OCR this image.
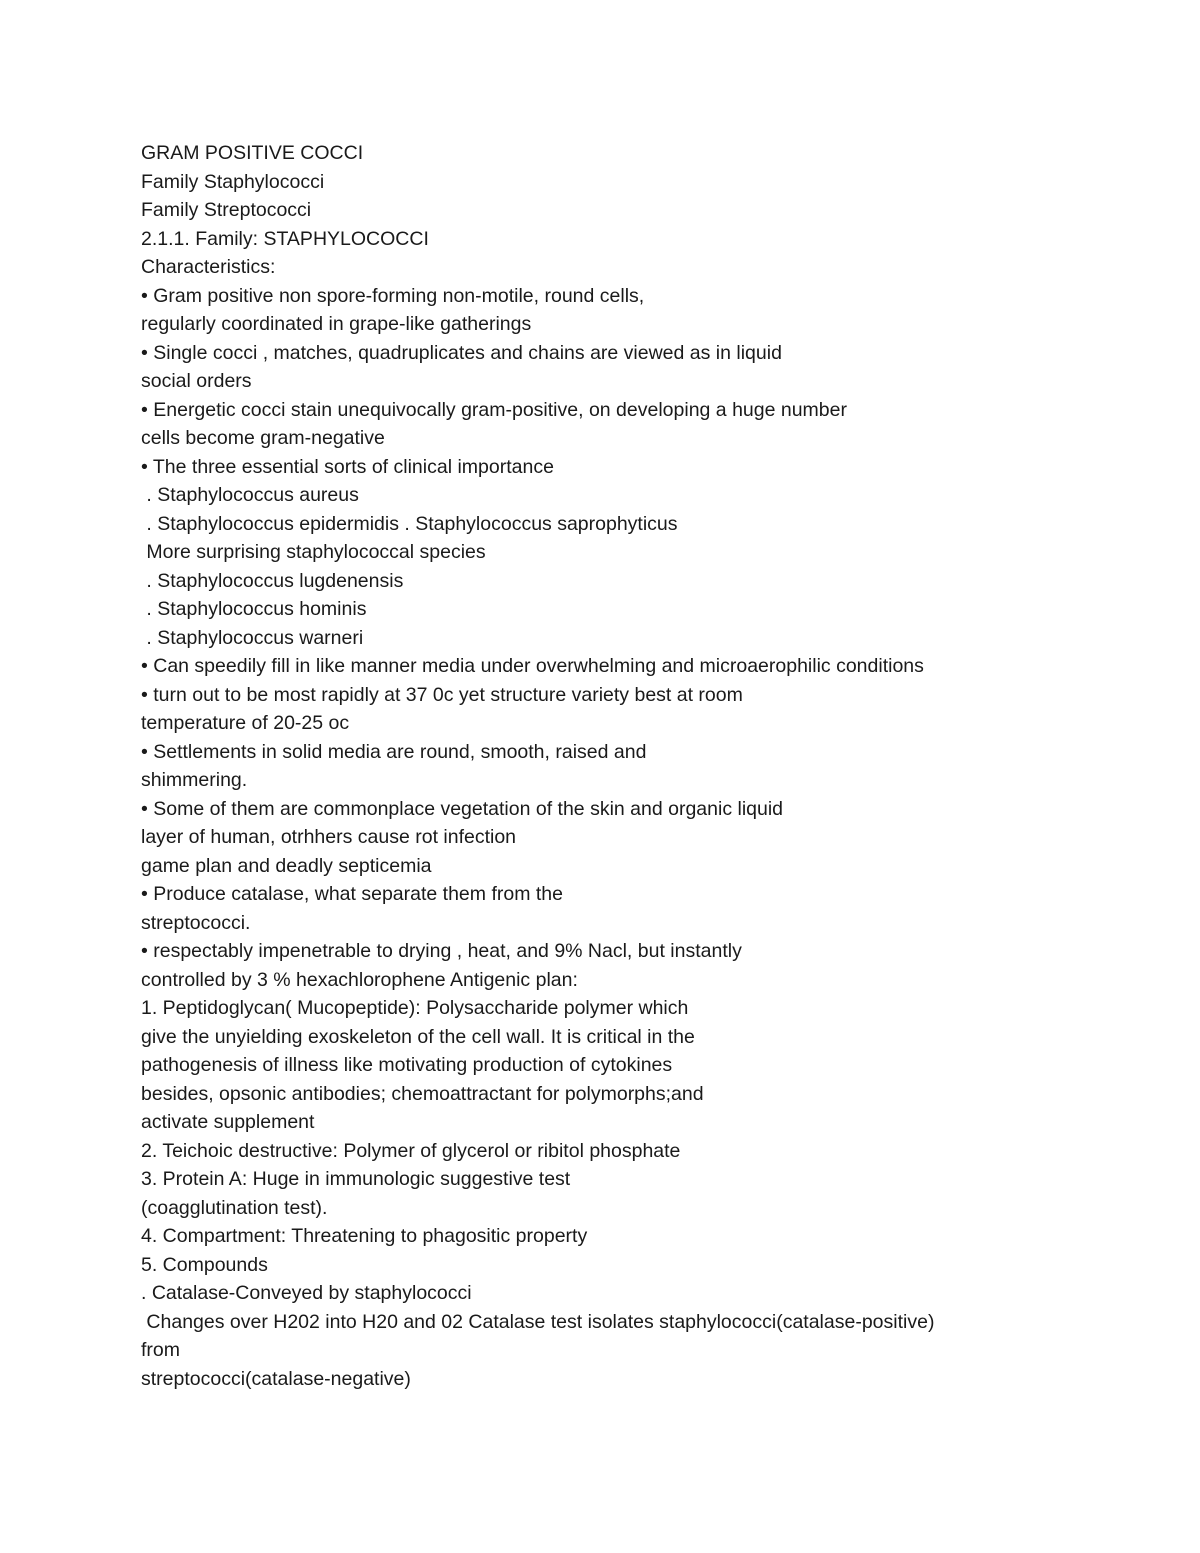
GRAM POSITIVE COCCI
Family Staphylococci
Family Streptococci
2.1.1. Family: STAPHYLOCOCCI
Characteristics:
• Gram positive non spore-forming non-motile, round cells,
regularly coordinated in grape-like gatherings
• Single cocci , matches, quadruplicates and chains are viewed as in liquid
social orders
• Energetic cocci stain unequivocally gram-positive, on developing a huge number
cells become gram-negative
• The three essential sorts of clinical importance
. Staphylococcus aureus
. Staphylococcus epidermidis . Staphylococcus saprophyticus
More surprising staphylococcal species
. Staphylococcus lugdenensis
. Staphylococcus hominis
. Staphylococcus warneri
• Can speedily fill in like manner media under overwhelming and microaerophilic conditions
• turn out to be most rapidly at 37 0c yet structure variety best at room
temperature of 20-25 oc
• Settlements in solid media are round, smooth, raised and
shimmering.
• Some of them are commonplace vegetation of the skin and organic liquid
layer of human, otrhhers cause rot infection
game plan and deadly septicemia
• Produce catalase, what separate them from the
streptococci.
• respectably impenetrable to drying , heat, and 9% Nacl, but instantly
controlled by 3 % hexachlorophene Antigenic plan:
1. Peptidoglycan( Mucopeptide): Polysaccharide polymer which
give the unyielding exoskeleton of the cell wall. It is critical in the
pathogenesis of illness like motivating production of cytokines
besides, opsonic antibodies; chemoattractant for polymorphs;and
activate supplement
2. Teichoic destructive: Polymer of glycerol or ribitol phosphate
3. Protein A: Huge in immunologic suggestive test
(coagglutination test).
4. Compartment: Threatening to phagositic property
5. Compounds
. Catalase-Conveyed by staphylococci
Changes over H202 into H20 and 02 Catalase test isolates staphylococci(catalase-positive)
from
streptococci(catalase-negative)
